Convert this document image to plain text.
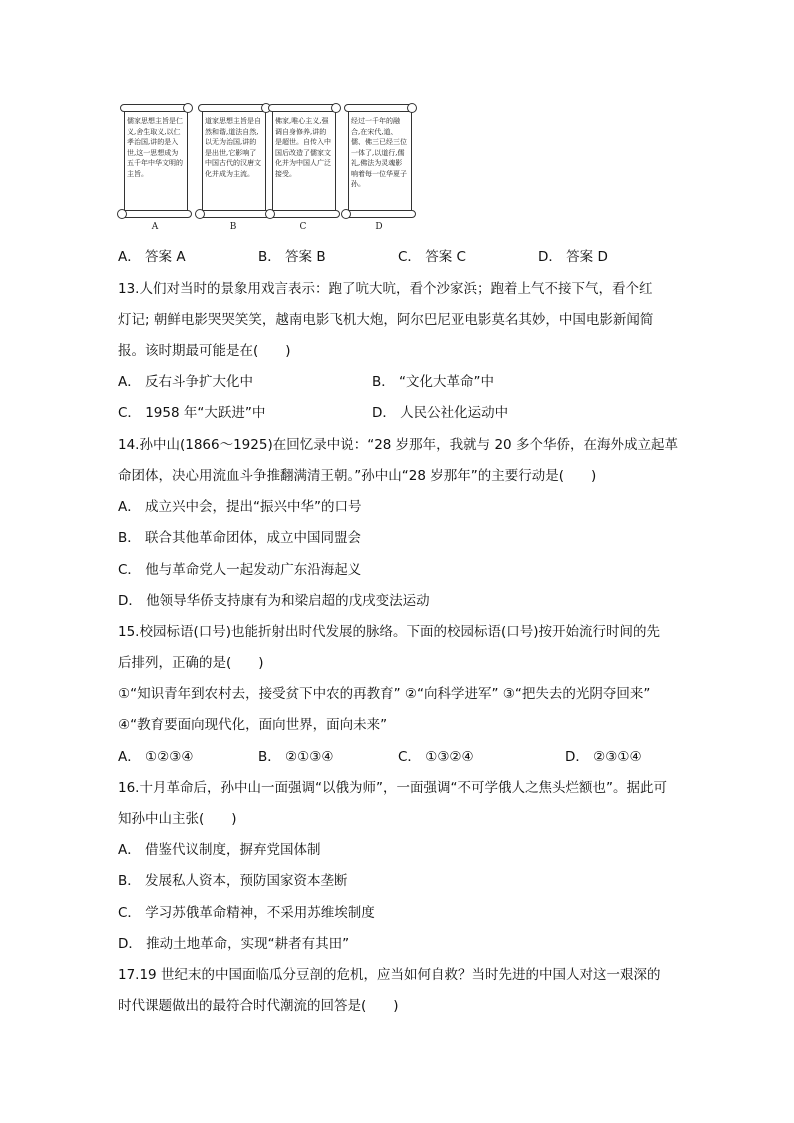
儒家思想主旨是仁义,舍生取义,以仁孝治国,讲的是入世,这一思想成为五千年中华文明的主旨。
A
道家思想主旨是自然和谐,道法自然,以无为治国,讲的是出世,它影响了中国古代的汉唐文化并成为主流。
B
佛家,唯心主义,强调自身修养,讲的是超世。自传入中国后改造了儒家文化并为中国人广泛接受。
C
经过一千年的融合,在宋代,道、儒、佛三已经三位一体了,以道行,儒礼,佛法为灵魂影响着每一位华夏子孙。
D
A． 答案 A	B． 答案 B	C． 答案 C	D． 答案 D
13.人们对当时的景象用戏言表示：跑了吭大吭，看个沙家浜；跑着上气不接下气，看个红
灯记; 朝鲜电影哭哭笑笑，越南电影飞机大炮，阿尔巴尼亚电影莫名其妙，中国电影新闻简
报。该时期最可能是在(　　)
A． 反右斗争扩大化中	B． “文化大革命”中
C． 1958 年“大跃进”中	D． 人民公社化运动中
14.孙中山(1866～1925)在回忆录中说：“28 岁那年，我就与 20 多个华侨，在海外成立起革
命团体，决心用流血斗争推翻满清王朝。”孙中山“28 岁那年”的主要行动是(　　)
A． 成立兴中会，提出“振兴中华”的口号
B． 联合其他革命团体，成立中国同盟会
C． 他与革命党人一起发动广东沿海起义
D． 他领导华侨支持康有为和梁启超的戊戌变法运动
15.校园标语(口号)也能折射出时代发展的脉络。下面的校园标语(口号)按开始流行时间的先
后排列，正确的是(　　)
①“知识青年到农村去，接受贫下中农的再教育” ②“向科学进军” ③“把失去的光阴夺回来”
④“教育要面向现代化，面向世界，面向未来”
A． ①②③④	B． ②①③④	C． ①③②④	D． ②③①④
16.十月革命后，孙中山一面强调“以俄为师”，一面强调“不可学俄人之焦头烂额也”。据此可
知孙中山主张(　　)
A． 借鉴代议制度，摒弃党国体制
B． 发展私人资本，预防国家资本垄断
C． 学习苏俄革命精神，不采用苏维埃制度
D． 推动土地革命，实现“耕者有其田”
17.19 世纪末的中国面临瓜分豆剖的危机，应当如何自救？当时先进的中国人对这一艰深的
时代课题做出的最符合时代潮流的回答是(　　)
